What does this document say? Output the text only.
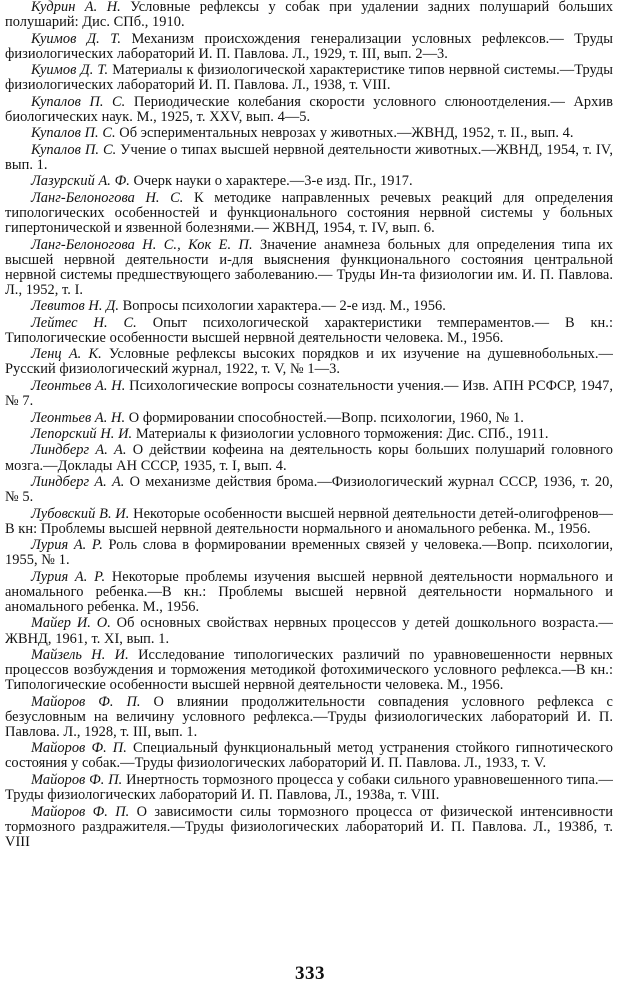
Кудрин А. Н. Условные рефлексы у собак при удалении задних полушарий больших полушарий: Дис. СПб., 1910.

Куимов Д. Т. Механизм происхождения генерализации условных рефлексов.— Труды физиологических лабораторий И. П. Павлова. Л., 1929, т. III, вып. 2—3.

Куимов Д. Т. Материалы к физиологической характеристике типов нервной системы.—Труды физиологических лабораторий И. П. Павлова. Л., 1938, т. VIII.

Купалов П. С. Периодические колебания скорости условного слюноотделения.— Архив биологических наук. М., 1925, т. XXV, вып. 4—5.

Купалов П. С. Об эспериментальных неврозах у животных.—ЖВНД, 1952, т. II., вып. 4.

Купалов П. С. Учение о типах высшей нервной деятельности животных.—ЖВНД, 1954, т. IV, вып. 1.

Лазурский А. Ф. Очерк науки о характере.—3-е изд. Пг., 1917.

Ланг-Белоногова Н. С. К методике направленных речевых реакций для определения типологических особенностей и функционального состояния нервной системы у больных гипертонической и язвенной болезнями.— ЖВНД, 1954, т. IV, вып. 6.

Ланг-Белоногова Н. С., Кок Е. П. Значение анамнеза больных для определения типа их высшей нервной деятельности и-для выяснения функционального состояния центральной нервной системы предшествующего заболеванию.— Труды Ин-та физиологии им. И. П. Павлова. Л., 1952, т. I.

Левитов Н. Д. Вопросы психологии характера.— 2-е изд. М., 1956.

Лейтес Н. С. Опыт психологической характеристики темпераментов.— В кн.: Типологические особенности высшей нервной деятельности человека. М., 1956.

Ленц А. К. Условные рефлексы высоких порядков и их изучение на душевнобольных.—Русский физиологический журнал, 1922, т. V, № 1—3.

Леонтьев А. Н. Психологические вопросы сознательности учения.— Изв. АПН РСФСР, 1947, № 7.

Леонтьев А. Н. О формировании способностей.—Вопр. психологии, 1960, № 1.

Лепорский Н. И. Материалы к физиологии условного торможения: Дис. СПб., 1911.

Линдберг А. А. О действии кофеина на деятельность коры больших полушарий головного мозга.—Доклады АН СССР, 1935, т. I, вып. 4.

Линдберг А. А. О механизме действия брома.—Физиологический журнал СССР, 1936, т. 20, № 5.

Лубовский В. И. Некоторые особенности высшей нервной деятельности детей-олигофренов—В кн: Проблемы высшей нервной деятельности нормального и аномального ребенка. М., 1956.

Лурия А. Р. Роль слова в формировании временных связей у человека.—Вопр. психологии, 1955, № 1.

Лурия А. Р. Некоторые проблемы изучения высшей нервной деятельности нормального и аномального ребенка.—В кн.: Проблемы высшей нервной деятельности нормального и аномального ребенка. М., 1956.

Майер И. О. Об основных свойствах нервных процессов у детей дошкольного возраста.—ЖВНД, 1961, т. XI, вып. 1.

Майзель Н. И. Исследование типологических различий по уравновешенности нервных процессов возбуждения и торможения методикой фотохимического условного рефлекса.—В кн.: Типологические особенности высшей нервной деятельности человека. М., 1956.

Майоров Ф. П. О влиянии продолжительности совпадения условного рефлекса с безусловным на величину условного рефлекса.—Труды физиологических лабораторий И. П. Павлова. Л., 1928, т. III, вып. 1.

Майоров Ф. П. Специальный функциональный метод устранения стойкого гипнотического состояния у собак.—Труды физиологических лабораторий И. П. Павлова. Л., 1933, т. V.

Майоров Ф. П. Инертность тормозного процесса у собаки сильного уравновешенного типа.—Труды физиологических лабораторий И. П. Павлова, Л., 1938а, т. VIII.

Майоров Ф. П. О зависимости силы тормозного процесса от физической интенсивности тормозного раздражителя.—Труды физиологических лабораторий И. П. Павлова. Л., 1938б, т. VIII

333
